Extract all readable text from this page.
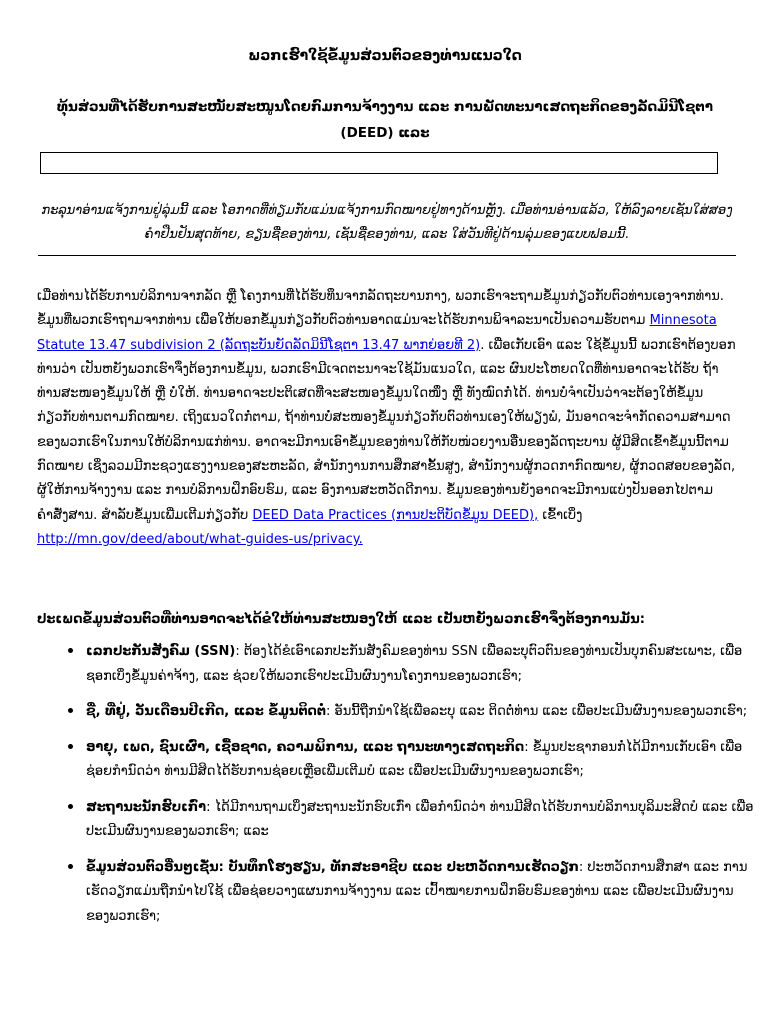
ພວກເຮົາໃຊ້ຂໍ້ມູນສ່ວນຕົວຂອງທ່ານແນວໃດ
ທຸ້ນສ່ວນທີ່ໄດ້ຮັບການສະໜັບສະໜູນໂດຍກົມການຈ້າງງານ ແລະ ການພັດທະນາເສດຖະກິດຂອງລັດມິນີໂຊຕາ (DEED) ແລະ
ກະລຸນາອ່ານແຈ້ງການຢູ່ລຸ່ມນີ້ ແລະ ໂອກາດທີ່ທ່ຽມກັບແມ່ນແຈ້ງການກົດໝາຍຢູ່ທາງດ້ານຫຼັງ. ເມື່ອທ່ານອ່ານແລ້ວ, ໃຫ້ລົງລາຍເຊັນໃສ່ສອງຄຳຢືນຢັນສຸດທ້າຍ, ຂຽນຊື່ຂອງທ່ານ, ເຊັນຊື່ຂອງທ່ານ, ແລະ ໃສ່ວັນທີຢູ່ດ້ານລຸ່ມຂອງແບບຟອມນີ້.
ເມື່ອທ່ານໄດ້ຮັບການບໍລິການຈາກລັດ ຫຼື ໂຄງການທີ່ໄດ້ຮັບທຶນຈາກລັດຖະບານກາງ, ພວກເຮົາຈະຖາມຂໍ້ມູນກ່ຽວກັບຕົວທ່ານເອງຈາກທ່ານ. ຂໍ້ມູນທີ່ພວກເຮົາຖາມຈາກທ່ານ ເພື່ອໃຫ້ບອກຂໍ້ມູນກ່ຽວກັບຕົວທ່ານອາດແມ່ນຈະໄດ້ຮັບການພິຈາລະນາເປັນຄວາມຮັບຕາມ Minnesota Statute 13.47 subdivision 2 (ລັດຖະບັນຍັດລັດມິນີໂຊຕາ 13.47 ພາກຍ່ອຍທີ 2). ເພື່ອເກັບເອົາ ແລະ ໃຊ້ຂໍ້ມູນນີ້ ພວກເຮົາຕ້ອງບອກທ່ານວ່າ ເປັນຫຍັງພວກເຮົາຈຶ່ງຕ້ອງການຂໍ້ມູນ, ພວກເຮົາມີເຈດຕະນາຈະໃຊ້ມັນແນວໃດ, ແລະ ຜົນປະໂຫຍດໃດທີ່ທ່ານອາດຈະໄດ້ຮັບ ຖ້າທ່ານສະໜອງຂໍ້ມູນໃຫ້ ຫຼື ບໍ່ໃຫ້. ທ່ານອາດຈະປະຕິເສດທີ່ຈະສະໜອງຂໍ້ມູນໃດໜຶ່ງ ຫຼື ທັງໝົດກໍ່ໄດ້. ທ່ານບໍ່ຈຳເປັນວ່າຈະຕ້ອງໃຫ້ຂໍ້ມູນກ່ຽວກັບທ່ານຕາມກົດໝາຍ. ເຖິງແນວໃດກໍ່ຕາມ, ຖ້າທ່ານບໍ່ສະໜອງຂໍ້ມູນກ່ຽວກັບຕົວທ່ານເອງໃຫ້ພຽງພໍ, ມັນອາດຈະຈຳກັດຄວາມສາມາດຂອງພວກເຮົາໃນການໃຫ້ບໍລິການແກ່ທ່ານ. ອາດຈະມີການເອົາຂໍ້ມູນຂອງທ່ານໃຫ້ກັບໜ່ວຍງານອື່ນຂອງລັດຖະບານ ຜູ້ມີສິດເຂົ້າຂໍ້ມູນນີ້ຕາມກົດໝາຍ ເຊິ່ງລວມມີກະຊວງແຮງງານຂອງສະຫະລັດ, ສຳນັກງານການສຶກສາຂັ້ນສູງ, ສຳນັກງານຜູ້ກວດກາກົດໝາຍ, ຜູ້ກວດສອບຂອງລັດ, ຜູ້ໃຫ້ການຈ້າງງານ ແລະ ການບໍລິການຝຶກອົບຮົມ, ແລະ ອົງການສະຫວັດດີການ. ຂໍ້ມູນຂອງທ່ານຍັງອາດຈະມີການແບ່ງປັນອອກໄປຕາມຄຳສັ່ງສານ. ສຳລັບຂໍ້ມູນເພີ່ມເຕີມກ່ຽວກັບ DEED Data Practices (ການປະຕິບັດຂໍ້ມູນ DEED), ເຂົ້າເບິ່ງ http://mn.gov/deed/about/what-guides-us/privacy.
ປະເພດຂໍ້ມູນສ່ວນຕົວທີ່ທ່ານອາດຈະໄດ້ຂໍໃຫ້ທ່ານສະໜອງໃຫ້ ແລະ ເປັນຫຍັງພວກເຮົາຈຶ່ງຕ້ອງການມັນ:
• ເລກປະກັນສັງຄົມ (SSN): ຕ້ອງໄດ້ຂໍເອົາເລກປະກັນສັງຄົມຂອງທ່ານ SSN ເພື່ອລະບຸຕົວຕົນຂອງທ່ານເປັນບຸກຄົນສະເພາະ, ເພື່ອຊອກເບິ່ງຂໍ້ມູນຄ່າຈ້າງ, ແລະ ຊ່ວຍໃຫ້ພວກເຮົາປະເມີນຜົນງານໂຄງການຂອງພວກເຮົາ;
• ຊື່, ທີ່ຢູ່, ວັນເດືອນປີເກີດ, ແລະ ຂໍ້ມູນຕິດຕໍ່: ອັນນີ້ຖືກນຳໃຊ້ເພື່ອລະບຸ ແລະ ຕິດຕໍ່ທ່ານ ແລະ ເພື່ອປະເມີນຜົນງານຂອງພວກເຮົາ;
• ອາຍຸ, ເພດ, ຊົນເຜົ່າ, ເຊື້ອຊາດ, ຄວາມພິການ, ແລະ ຖານະທາງເສດຖະກິດ: ຂໍ້ມູນປະຊາກອນກໍ່ໄດ້ມີການເກັບເອົາ ເພື່ອຊ່ອຍກຳນົດວ່າ ທ່ານມີສິດໄດ້ຮັບການຊ່ອຍເຫຼືອເພີ່ມເຕີມບໍ ແລະ ເພື່ອປະເມີນຜົນງານຂອງພວກເຮົາ;
• ສະຖານະນັກຮົບເກົ່າ: ໄດ້ມີການຖາມເບິ່ງສະຖານະນັກຮົບເກົ່າ ເພື່ອກຳນົດວ່າ ທ່ານມີສິດໄດ້ຮັບການບໍລິການບຸລິມະສິດບໍ ແລະ ເພື່ອປະເມີນຜົນງານຂອງພວກເຮົາ; ແລະ
• ຂໍ້ມູນສ່ວນຕົວອື່ນໆເຊັ່ນ: ບັນທຶກໂຮງຮຽນ, ທັກສະອາຊີບ ແລະ ປະຫວັດການເຮັດວຽກ: ປະຫວັດການສຶກສາ ແລະ ການເຮັດວຽກແມ່ນຖືກນຳໄປໃຊ້ ເພື່ອຊ່ອຍວາງແຜນການຈ້າງງານ ແລະ ເປົ້າໝາຍການຝຶກອົບຮົມຂອງທ່ານ ແລະ ເພື່ອປະເມີນຜົນງານຂອງພວກເຮົາ;
